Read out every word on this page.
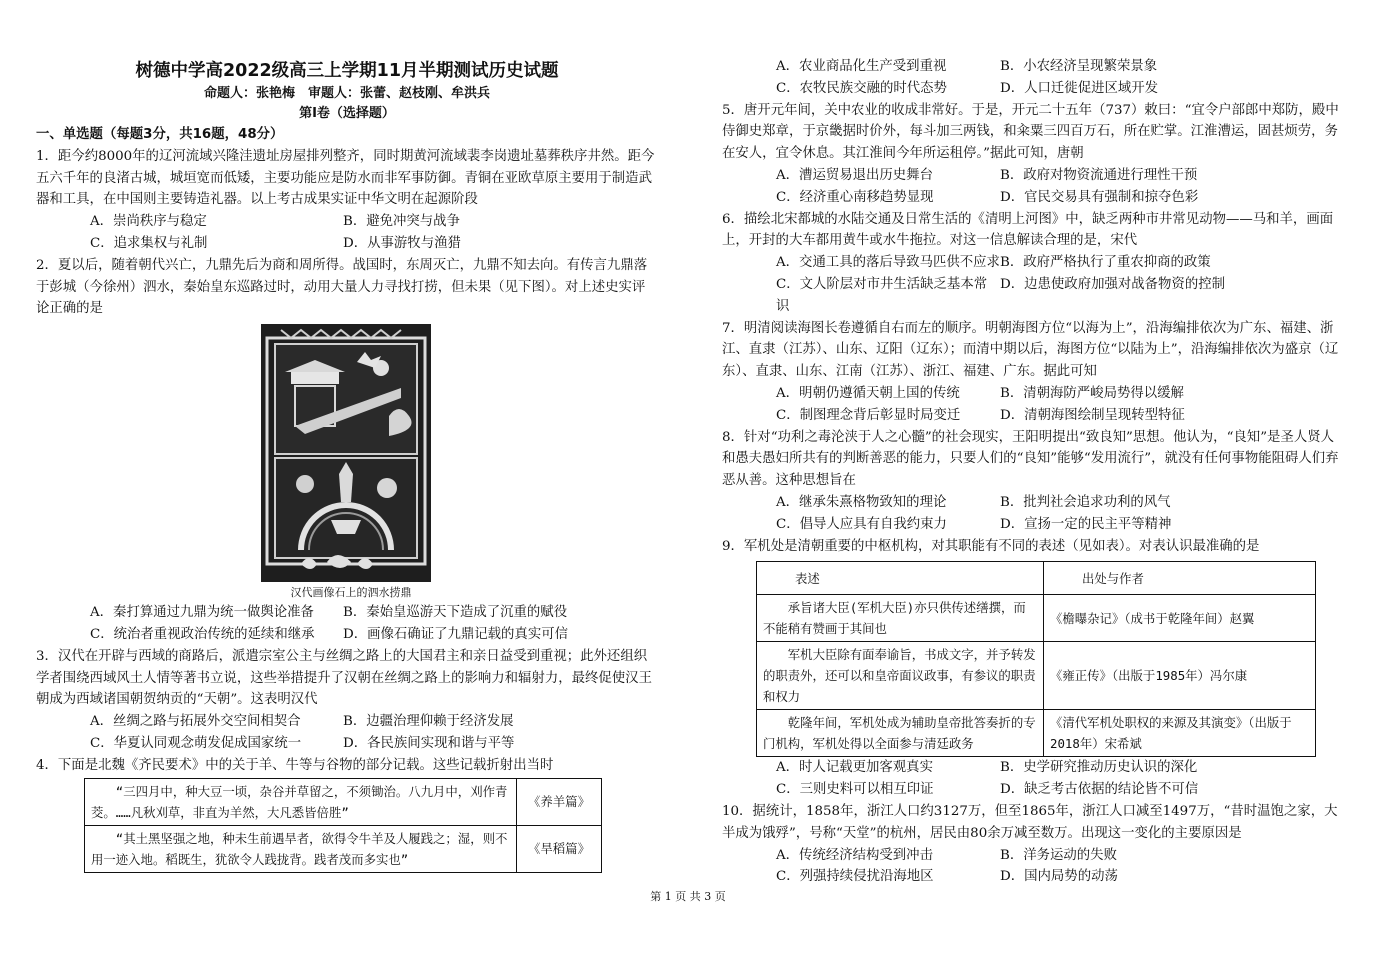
树德中学高2022级高三上学期11月半期测试历史试题
命题人：张艳梅　审题人：张蕾、赵枝刚、牟洪兵
第Ⅰ卷（选择题）
一、单选题（每题3分，共16题，48分）

1．距今约8000年的辽河流域兴隆洼遗址房屋排列整齐，同时期黄河流域裴李岗遗址墓葬秩序井然。距今五六千年的良渚古城，城垣宽而低矮，主要功能应是防水而非军事防御。青铜在亚欧草原主要用于制造武器和工具，在中国则主要铸造礼器。以上考古成果实证中华文明在起源阶段

A．崇尚秩序与稳定	B．避免冲突与战争
C．追求集权与礼制	D．从事游牧与渔猎

2．夏以后，随着朝代兴亡，九鼎先后为商和周所得。战国时，东周灭亡，九鼎不知去向。有传言九鼎落于彭城（今徐州）泗水，秦始皇东巡路过时，动用大量人力寻找打捞，但未果（见下图）。对上述史实评论正确的是

汉代画像石上的泗水捞鼎
A．秦打算通过九鼎为统一做舆论准备	B．秦始皇巡游天下造成了沉重的赋役
C．统治者重视政治传统的延续和继承	D．画像石确证了九鼎记载的真实可信

3．汉代在开辟与西域的商路后，派遣宗室公主与丝绸之路上的大国君主和亲日益受到重视；此外还组织学者围绕西域风土人情等著书立说，这些举措提升了汉朝在丝绸之路上的影响力和辐射力，最终促使汉王朝成为西域诸国朝贺纳贡的“天朝”。这表明汉代

A．丝绸之路与拓展外交空间相契合	B．边疆治理仰赖于经济发展
C．华夏认同观念萌发促成国家统一	D．各民族间实现和谐与平等

4．下面是北魏《齐民要术》中的关于羊、牛等与谷物的部分记载。这些记载折射出当时

“三四月中，种大豆一顷，杂谷并草留之，不须锄治。八九月中，刈作青茭。……凡秋刈草，非直为羊然，大凡悉皆倍胜”	《养羊篇》
“其土黑坚强之地，种未生前遇旱者，欲得令牛羊及人履践之；湿，则不用一迹入地。稻既生，犹欲令人践拢背。践者茂而多实也”	《旱稻篇》
A．农业商品化生产受到重视	B．小农经济呈现繁荣景象
C．农牧民族交融的时代态势	D．人口迁徙促进区域开发

5．唐开元年间，关中农业的收成非常好。于是，开元二十五年（737）敕曰：“宜令户部郎中郑防，殿中侍御史郑章，于京畿据时价外，每斗加三两钱，和籴粟三四百万石，所在贮掌。江淮漕运，固甚烦劳，务在安人，宜令休息。其江淮间今年所运租停。”据此可知，唐朝

A．漕运贸易退出历史舞台	B．政府对物资流通进行理性干预
C．经济重心南移趋势显现	D．官民交易具有强制和掠夺色彩

6．描绘北宋都城的水陆交通及日常生活的《清明上河图》中，缺乏两种市井常见动物——马和羊，画面上，开封的大车都用黄牛或水牛拖拉。对这一信息解读合理的是，宋代

A．交通工具的落后导致马匹供不应求 B．政府严格执行了重农抑商的政策
C．文人阶层对市井生活缺乏基本常识
D．边患使政府加强对战备物资的控制

7．明清阅读海图长卷遵循自右而左的顺序。明朝海图方位“以海为上”，沿海编排依次为广东、福建、浙江、直隶（江苏）、山东、辽阳（辽东）；而清中期以后，海图方位“以陆为上”，沿海编排依次为盛京（辽东）、直隶、山东、江南（江苏）、浙江、福建、广东。据此可知

A．明朝仍遵循天朝上国的传统	B．清朝海防严峻局势得以缓解
C．制图理念背后彰显时局变迁	D．清朝海图绘制呈现转型特征

8．针对“功利之毒沦浃于人之心髓”的社会现实，王阳明提出“致良知”思想。他认为，“良知”是圣人贤人和愚夫愚妇所共有的判断善恶的能力，只要人们的“良知”能够“发用流行”，就没有任何事物能阻碍人们弃恶从善。这种思想旨在

A．继承朱熹格物致知的理论	B．批判社会追求功利的风气
C．倡导人应具有自我约束力	D．宣扬一定的民主平等精神

9．军机处是清朝重要的中枢机构，对其职能有不同的表述（见如表）。对表认识最准确的是

表述	出处与作者
承旨诸大臣(军机大臣)亦只供传述缮撰，而不能稍有赞画于其间也	《檐曝杂记》（成书于乾隆年间）赵翼
军机大臣除有面奉谕旨，书成文字，并予转发的职责外，还可以和皇帝面议政事，有参议的职责和权力	《雍正传》（出版于1985年）冯尔康
乾隆年间，军机处成为辅助皇帝批答奏折的专门机构，军机处得以全面参与清廷政务	《清代军机处职权的来源及其演变》（出版于2018年）宋希斌
A．时人记载更加客观真实	B．史学研究推动历史认识的深化
C．三则史料可以相互印证	D．缺乏考古依据的结论皆不可信

10．据统计，1858年，浙江人口约3127万，但至1865年，浙江人口减至1497万，“昔时温饱之家，大半成为饿殍”，号称“天堂”的杭州，居民由80余万减至数万。出现这一变化的主要原因是

A．传统经济结构受到冲击	B．洋务运动的失败
C．列强持续侵扰沿海地区	D．国内局势的动荡
第 1 页 共 3 页
